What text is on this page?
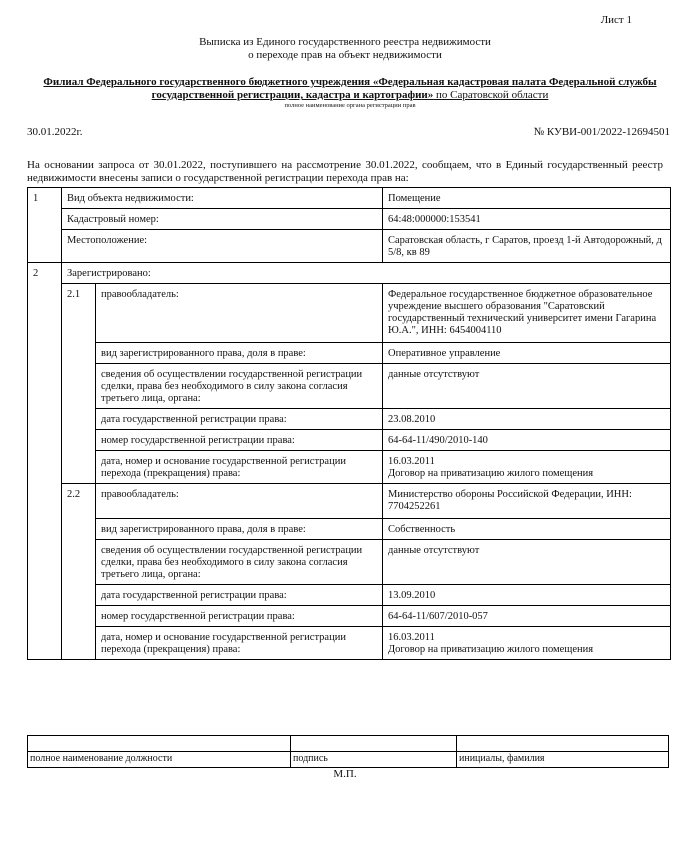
Лист 1
Выписка из Единого государственного реестра недвижимости
о переходе прав на объект недвижимости
Филиал Федерального государственного бюджетного учреждения «Федеральная кадастровая палата Федеральной службы
государственной регистрации, кадастра и картографии» по Саратовской области
полное наименование органа регистрации прав
30.01.2022г.	№ КУВИ-001/2022-12694501
На основании запроса от 30.01.2022, поступившего на рассмотрение 30.01.2022, сообщаем, что в Единый государственный реестр недвижимости внесены записи о государственной регистрации перехода прав на:
1	Вид объекта недвижимости:		Помещение
	Кадастровый номер:		64:48:000000:153541
	Местоположение:		Саратовская область, г Саратов, проезд 1-й Автодорожный, д 5/8, кв 89
2	Зарегистрировано:		
	2.1	правообладатель:	Федеральное государственное бюджетное образовательное учреждение высшего образования "Саратовский государственный технический университет имени Гагарина Ю.А.", ИНН: 6454004110
		вид зарегистрированного права, доля в праве:	Оперативное управление
		сведения об осуществлении государственной регистрации сделки, права без необходимого в силу закона согласия третьего лица, органа:	данные отсутствуют
		дата государственной регистрации права:	23.08.2010
		номер государственной регистрации права:	64-64-11/490/2010-140
		дата, номер и основание государственной регистрации перехода (прекращения) права:	16.03.2011
Договор на приватизацию жилого помещения

	2.2	правообладатель:	Министерство обороны Российской Федерации, ИНН: 7704252261
		вид зарегистрированного права, доля в праве:	Собственность
		сведения об осуществлении государственной регистрации сделки, права без необходимого в силу закона согласия третьего лица, органа:	данные отсутствуют
		дата государственной регистрации права:	13.09.2010
		номер государственной регистрации права:	64-64-11/607/2010-057
		дата, номер и основание государственной регистрации перехода (прекращения) права:	16.03.2011
Договор на приватизацию жилого помещения

полное наименование должности	подпись	инициалы, фамилия
М.П.
